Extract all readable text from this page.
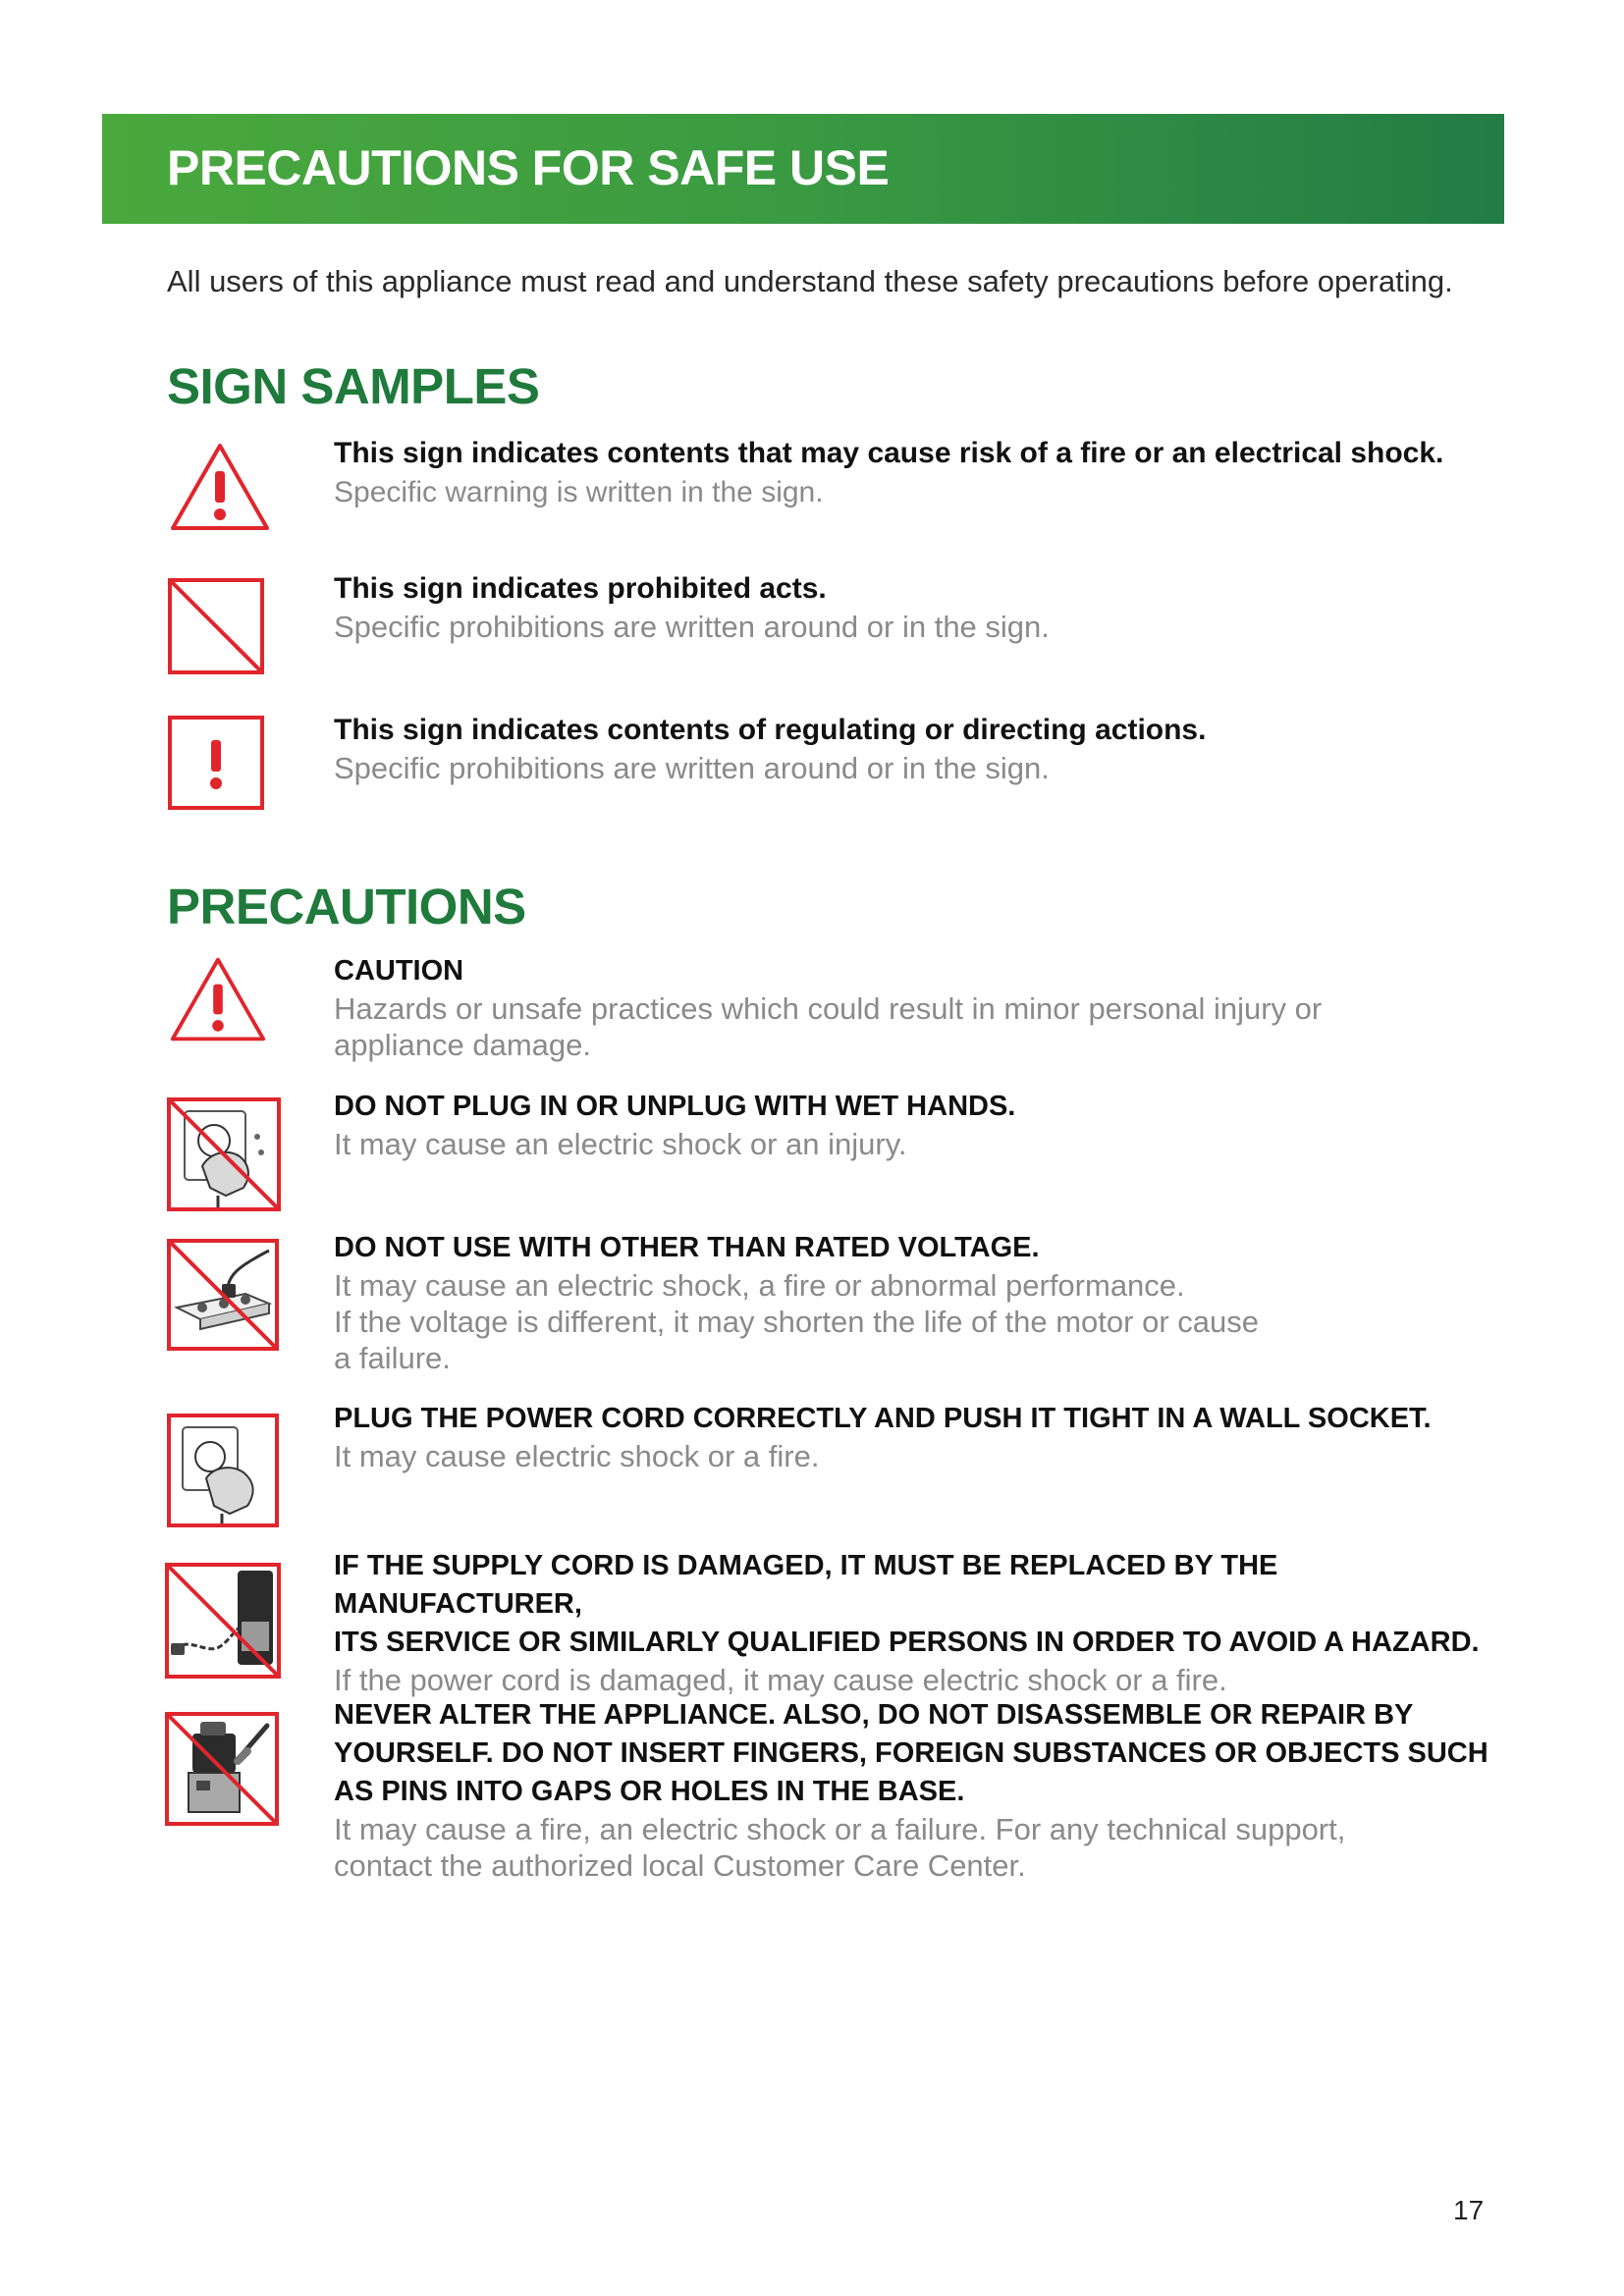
PRECAUTIONS FOR SAFE USE
All users of this appliance must read and understand these safety precautions before operating.
SIGN SAMPLES
This sign indicates contents that may cause risk of a fire or an electrical shock. Specific warning is written in the sign.
This sign indicates prohibited acts.
Specific prohibitions are written around or in the sign.
This sign indicates contents of regulating or directing actions.
Specific prohibitions are written around or in the sign.
PRECAUTIONS
CAUTION
Hazards or unsafe practices which could result in minor personal injury or
appliance damage.
DO NOT PLUG IN OR UNPLUG WITH WET HANDS.
It may cause an electric shock or an injury.
DO NOT USE WITH OTHER THAN RATED VOLTAGE.
It may cause an electric shock, a fire or abnormal performance.
If the voltage is different, it may shorten the life of the motor or cause
a failure.
PLUG THE POWER CORD CORRECTLY AND PUSH IT TIGHT IN A WALL SOCKET.
It may cause electric shock or a fire.
IF THE SUPPLY CORD IS DAMAGED, IT MUST BE REPLACED BY THE MANUFACTURER,
ITS SERVICE OR SIMILARLY QUALIFIED PERSONS IN ORDER TO AVOID A HAZARD.
If the power cord is damaged, it may cause electric shock or a fire.
NEVER ALTER THE APPLIANCE. ALSO, DO NOT DISASSEMBLE OR REPAIR BY
YOURSELF. DO NOT INSERT FINGERS, FOREIGN SUBSTANCES OR OBJECTS SUCH
AS PINS INTO GAPS OR HOLES IN THE BASE.
It may cause a fire, an electric shock or a failure. For any technical support,
contact the authorized local Customer Care Center.
17
